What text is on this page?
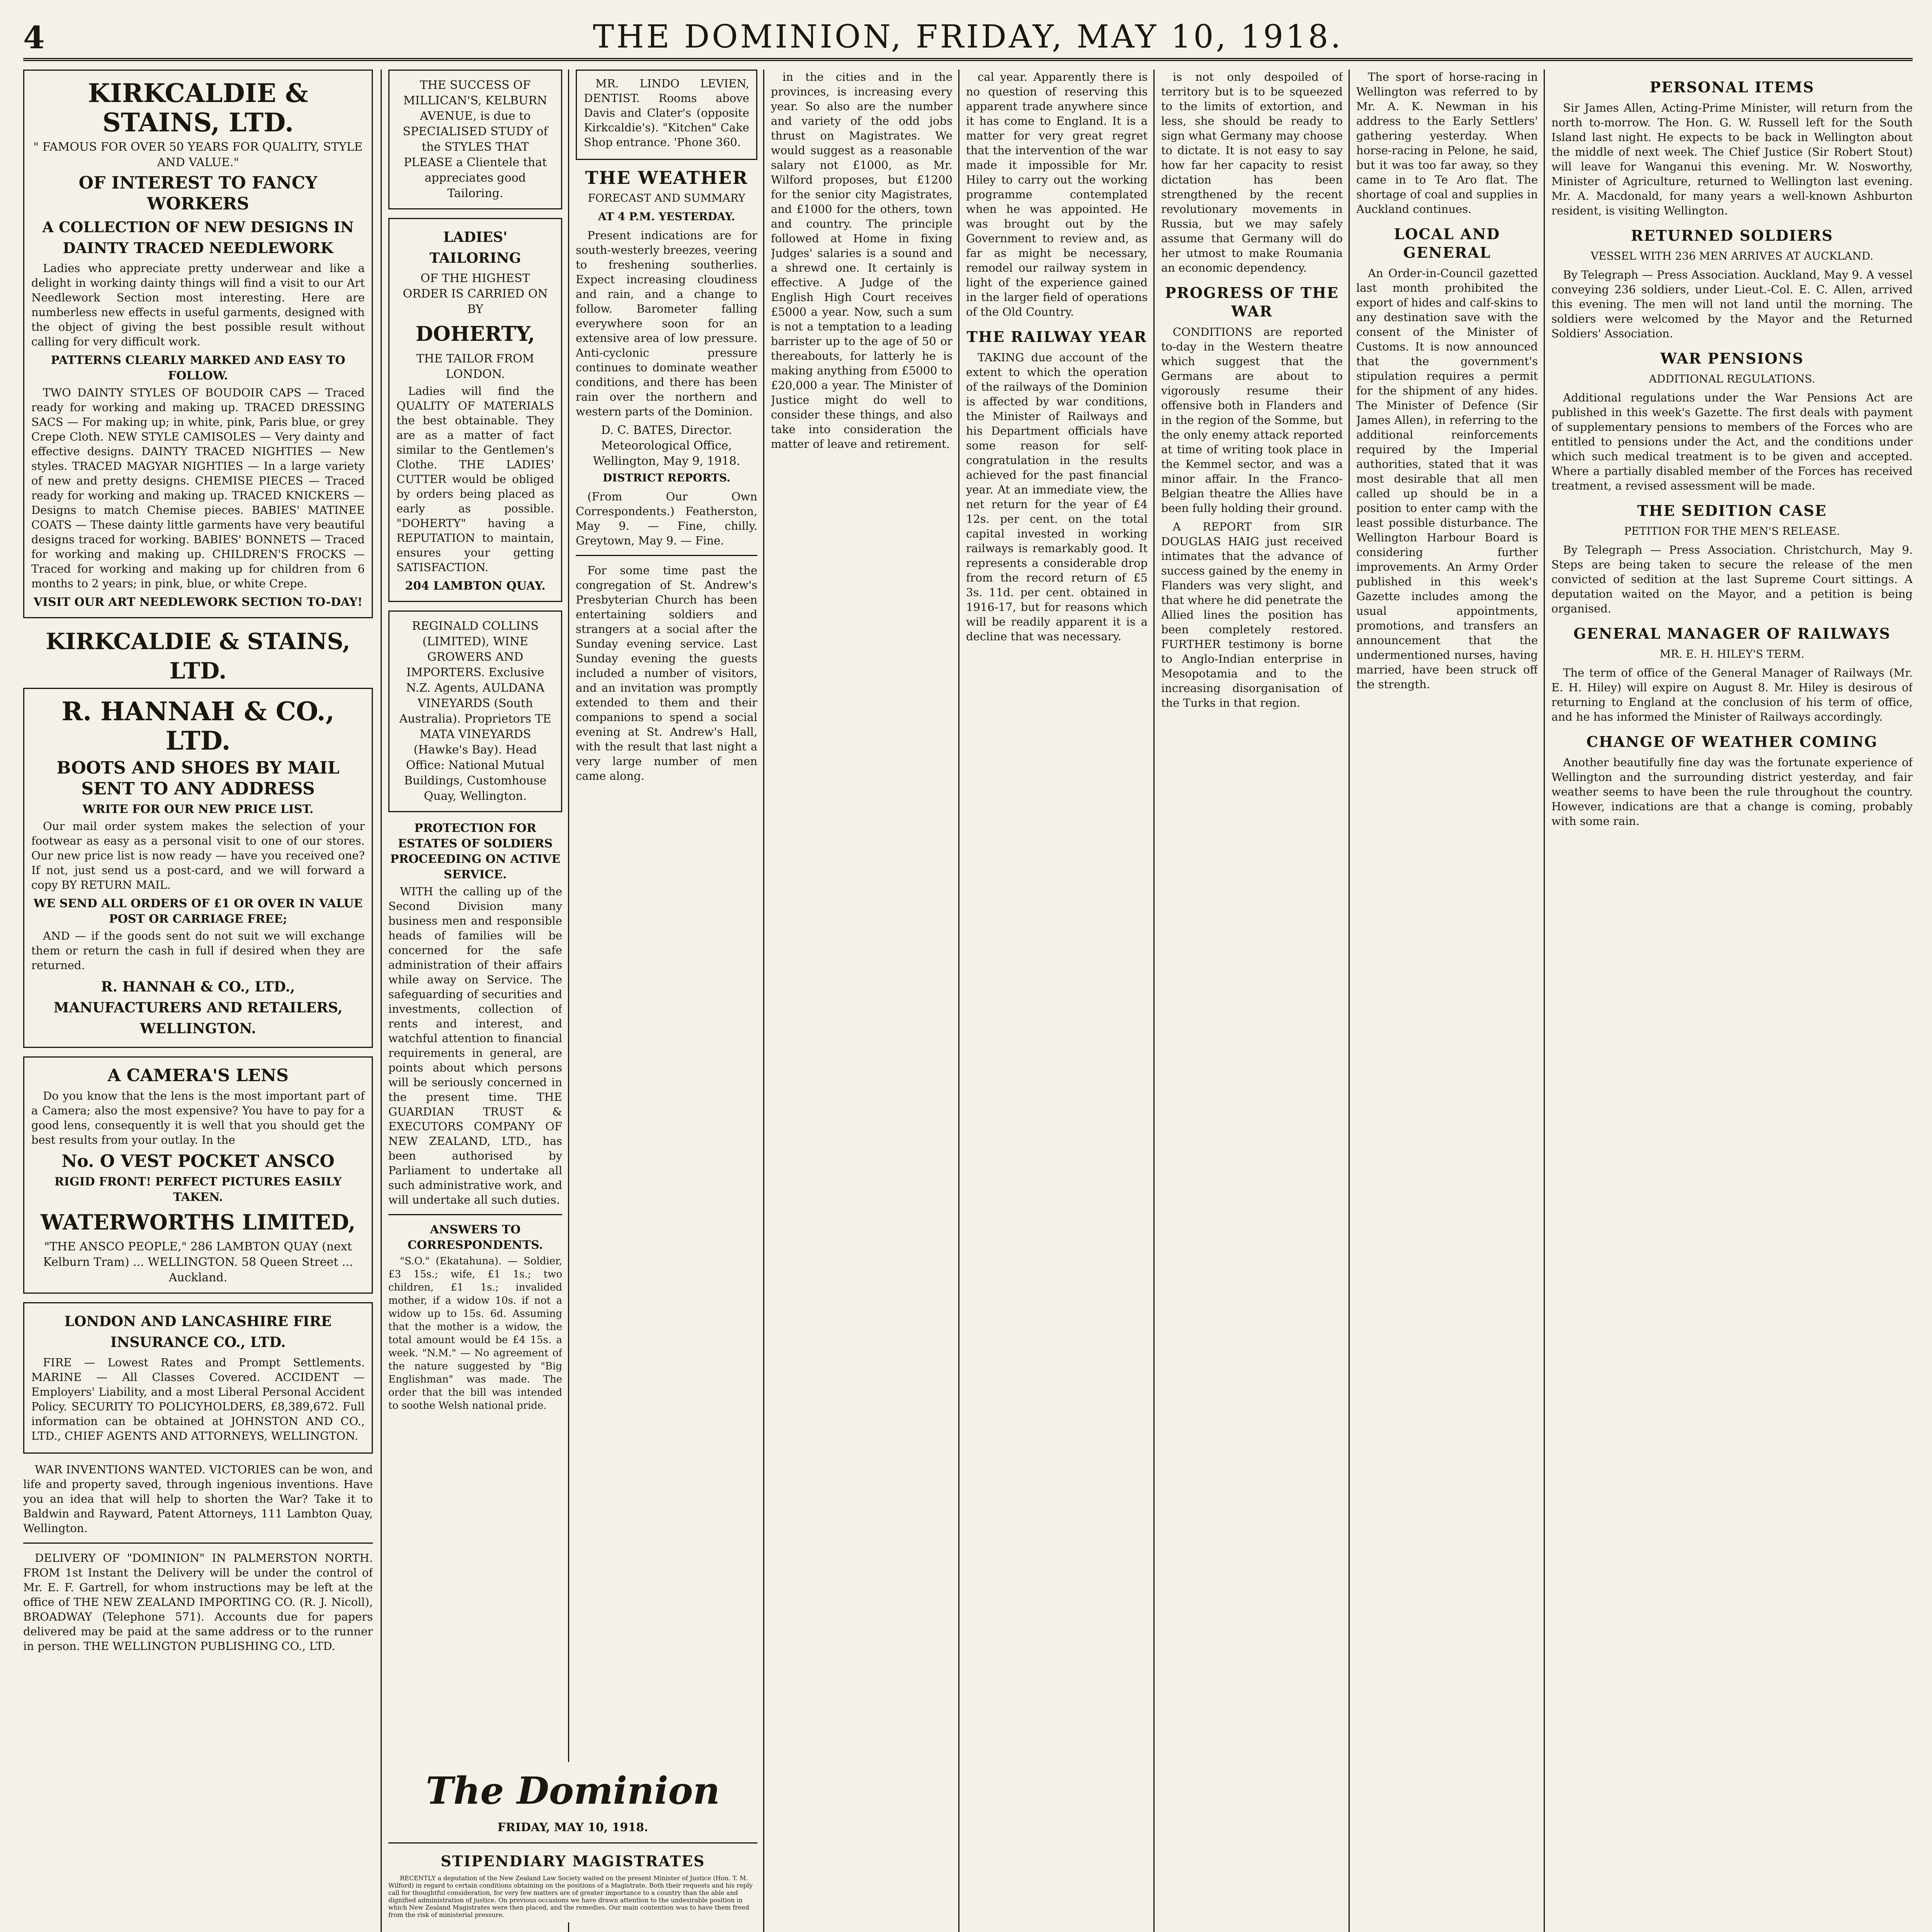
4	THE DOMINION, FRIDAY, MAY 10, 1918.
KIRKCALDIE & STAINS, LTD.
" FAMOUS FOR OVER 50 YEARS FOR QUALITY, STYLE AND VALUE."
OF INTEREST TO FANCY WORKERS
A COLLECTION OF NEW DESIGNS IN DAINTY TRACED NEEDLEWORK
Ladies who appreciate pretty underwear and like a delight in working dainty things will find a visit to our Art Needlework Section most interesting. Here are numberless new effects in useful garments, designed with the object of giving the best possible result without calling for very difficult work.
PATTERNS CLEARLY MARKED AND EASY TO FOLLOW.
TWO DAINTY STYLES OF BOUDOIR CAPS — Traced ready for working and making up. TRACED DRESSING SACS — For making up; in white, pink, Paris blue, or grey Crepe Cloth. NEW STYLE CAMISOLES — Very dainty and effective designs. DAINTY TRACED NIGHTIES — New styles. TRACED MAGYAR NIGHTIES — In a large variety of new and pretty designs. CHEMISE PIECES — Traced ready for working and making up. TRACED KNICKERS — Designs to match Chemise pieces. BABIES' MATINEE COATS — These dainty little garments have very beautiful designs traced for working. BABIES' BONNETS — Traced for working and making up. CHILDREN'S FROCKS — Traced for working and making up for children from 6 months to 2 years; in pink, blue, or white Crepe.
VISIT OUR ART NEEDLEWORK SECTION TO-DAY!
KIRKCALDIE & STAINS, LTD.
R. HANNAH & CO., LTD.
BOOTS AND SHOES BY MAIL SENT TO ANY ADDRESS
WRITE FOR OUR NEW PRICE LIST.
Our mail order system makes the selection of your footwear as easy as a personal visit to one of our stores. Our new price list is now ready — have you received one? If not, just send us a post-card, and we will forward a copy BY RETURN MAIL.
WE SEND ALL ORDERS OF £1 OR OVER IN VALUE POST OR CARRIAGE FREE;
AND — if the goods sent do not suit we will exchange them or return the cash in full if desired when they are returned.
R. HANNAH & CO., LTD., MANUFACTURERS AND RETAILERS, WELLINGTON.
A CAMERA'S LENS
Do you know that the lens is the most important part of a Camera; also the most expensive? You have to pay for a good lens, consequently it is well that you should get the best results from your outlay. In the
No. O VEST POCKET ANSCO
RIGID FRONT! PERFECT PICTURES EASILY TAKEN.
WATERWORTHS LIMITED,
"THE ANSCO PEOPLE," 286 LAMBTON QUAY (next Kelburn Tram) ... WELLINGTON. 58 Queen Street ... Auckland.
LONDON AND LANCASHIRE FIRE INSURANCE CO., LTD.
FIRE — Lowest Rates and Prompt Settlements. MARINE — All Classes Covered. ACCIDENT — Employers' Liability, and a most Liberal Personal Accident Policy. SECURITY TO POLICYHOLDERS, £8,389,672. Full information can be obtained at JOHNSTON AND CO., LTD., CHIEF AGENTS AND ATTORNEYS, WELLINGTON.
WAR INVENTIONS WANTED. VICTORIES can be won, and life and property saved, through ingenious inventions. Have you an idea that will help to shorten the War? Take it to Baldwin and Rayward, Patent Attorneys, 111 Lambton Quay, Wellington.
DELIVERY OF "DOMINION" IN PALMERSTON NORTH. FROM 1st Instant the Delivery will be under the control of Mr. E. F. Gartrell, for whom instructions may be left at the office of THE NEW ZEALAND IMPORTING CO. (R. J. Nicoll), BROADWAY (Telephone 571). Accounts due for papers delivered may be paid at the same address or to the runner in person. THE WELLINGTON PUBLISHING CO., LTD.
THE SUCCESS OF MILLICAN'S, KELBURN AVENUE, is due to SPECIALISED STUDY of the STYLES THAT PLEASE a Clientele that appreciates good Tailoring.
LADIES' TAILORING
OF THE HIGHEST ORDER IS CARRIED ON BY
DOHERTY,
THE TAILOR FROM LONDON.
Ladies will find the QUALITY OF MATERIALS the best obtainable. They are as a matter of fact similar to the Gentlemen's Clothe. THE LADIES' CUTTER would be obliged by orders being placed as early as possible. "DOHERTY" having a REPUTATION to maintain, ensures your getting SATISFACTION.
204 LAMBTON QUAY.
REGINALD COLLINS (LIMITED), WINE GROWERS AND IMPORTERS. Exclusive N.Z. Agents, AULDANA VINEYARDS (South Australia). Proprietors TE MATA VINEYARDS (Hawke's Bay). Head Office: National Mutual Buildings, Customhouse Quay, Wellington.
PROTECTION FOR ESTATES OF SOLDIERS PROCEEDING ON ACTIVE SERVICE.
WITH the calling up of the Second Division many business men and responsible heads of families will be concerned for the safe administration of their affairs while away on Service. The safeguarding of securities and investments, collection of rents and interest, and watchful attention to financial requirements in general, are points about which persons will be seriously concerned in the present time. THE GUARDIAN TRUST & EXECUTORS COMPANY OF NEW ZEALAND, LTD., has been authorised by Parliament to undertake all such administrative work, and will undertake all such duties.
ANSWERS TO CORRESPONDENTS.
"S.O." (Ekatahuna). — Soldier, £3 15s.; wife, £1 1s.; two children, £1 1s.; invalided mother, if a widow 10s. if not a widow up to 15s. 6d. Assuming that the mother is a widow, the total amount would be £4 15s. a week. "N.M." — No agreement of the nature suggested by "Big Englishman" was made. The order that the bill was intended to soothe Welsh national pride.
MR. LINDO LEVIEN, DENTIST. Rooms above Davis and Clater's (opposite Kirkcaldie's). "Kitchen" Cake Shop entrance. 'Phone 360.
THE WEATHER
FORECAST AND SUMMARY
AT 4 P.M. YESTERDAY.
Present indications are for south-westerly breezes, veering to freshening southerlies. Expect increasing cloudiness and rain, and a change to follow. Barometer falling everywhere soon for an extensive area of low pressure. Anti-cyclonic pressure continues to dominate weather conditions, and there has been rain over the northern and western parts of the Dominion.
D. C. BATES, Director. Meteorological Office, Wellington, May 9, 1918.
DISTRICT REPORTS.
(From Our Own Correspondents.) Featherston, May 9. — Fine, chilly. Greytown, May 9. — Fine.
For some time past the congregation of St. Andrew's Presbyterian Church has been entertaining soldiers and strangers at a social after the Sunday evening service. Last Sunday evening the guests included a number of visitors, and an invitation was promptly extended to them and their companions to spend a social evening at St. Andrew's Hall, with the result that last night a very large number of men came along.
The Dominion
FRIDAY, MAY 10, 1918.
STIPENDIARY MAGISTRATES
RECENTLY a deputation of the New Zealand Law Society waited on the present Minister of Justice (Hon. T. M. Wilford) in regard to certain conditions obtaining on the positions of a Magistrate. Both their requests and his reply call for thoughtful consideration, for very few matters are of greater importance to a country than the able and dignified administration of justice. On previous occasions we have drawn attention to the undesirable position in which New Zealand Magistrates were then placed, and the remedies. Our main contention was to have them freed from the risk of ministerial pressure.
in the cities and in the provinces, is increasing every year. So also are the number and variety of the odd jobs thrust on Magistrates. We would suggest as a reasonable salary not £1000, as Mr. Wilford proposes, but £1200 for the senior city Magistrates, and £1000 for the others, town and country. The principle followed at Home in fixing Judges' salaries is a sound and a shrewd one. It certainly is effective. A Judge of the English High Court receives £5000 a year. Now, such a sum is not a temptation to a leading barrister up to the age of 50 or thereabouts, for latterly he is making anything from £5000 to £20,000 a year. The Minister of Justice might do well to consider these things, and also take into consideration the matter of leave and retirement.
cal year. Apparently there is no question of reserving this apparent trade anywhere since it has come to England. It is a matter for very great regret that the intervention of the war made it impossible for Mr. Hiley to carry out the working programme contemplated when he was appointed. He was brought out by the Government to review and, as far as might be necessary, remodel our railway system in light of the experience gained in the larger field of operations of the Old Country.
THE RAILWAY YEAR
TAKING due account of the extent to which the operation of the railways of the Dominion is affected by war conditions, the Minister of Railways and his Department officials have some reason for self-congratulation in the results achieved for the past financial year. At an immediate view, the net return for the year of £4 12s. per cent. on the total capital invested in working railways is remarkably good. It represents a considerable drop from the record return of £5 3s. 11d. per cent. obtained in 1916-17, but for reasons which will be readily apparent it is a decline that was necessary.
is not only despoiled of territory but is to be squeezed to the limits of extortion, and less, she should be ready to sign what Germany may choose to dictate. It is not easy to say how far her capacity to resist dictation has been strengthened by the recent revolutionary movements in Russia, but we may safely assume that Germany will do her utmost to make Roumania an economic dependency.
PROGRESS OF THE WAR
CONDITIONS are reported to-day in the Western theatre which suggest that the Germans are about to vigorously resume their offensive both in Flanders and in the region of the Somme, but the only enemy attack reported at time of writing took place in the Kemmel sector, and was a minor affair. In the Franco-Belgian theatre the Allies have been fully holding their ground.
A REPORT from SIR DOUGLAS HAIG just received intimates that the advance of success gained by the enemy in Flanders was very slight, and that where he did penetrate the Allied lines the position has been completely restored. FURTHER testimony is borne to Anglo-Indian enterprise in Mesopotamia and to the increasing disorganisation of the Turks in that region.
The sport of horse-racing in Wellington was referred to by Mr. A. K. Newman in his address to the Early Settlers' gathering yesterday. When horse-racing in Pelone, he said, but it was too far away, so they came in to Te Aro flat. The shortage of coal and supplies in Auckland continues.
LOCAL AND GENERAL
An Order-in-Council gazetted last month prohibited the export of hides and calf-skins to any destination save with the consent of the Minister of Customs. It is now announced that the government's stipulation requires a permit for the shipment of any hides. The Minister of Defence (Sir James Allen), in referring to the additional reinforcements required by the Imperial authorities, stated that it was most desirable that all men called up should be in a position to enter camp with the least possible disturbance. The Wellington Harbour Board is considering further improvements. An Army Order published in this week's Gazette includes among the usual appointments, promotions, and transfers an announcement that the undermentioned nurses, having married, have been struck off the strength.
PERSONAL ITEMS
Sir James Allen, Acting-Prime Minister, will return from the north to-morrow. The Hon. G. W. Russell left for the South Island last night. He expects to be back in Wellington about the middle of next week. The Chief Justice (Sir Robert Stout) will leave for Wanganui this evening. Mr. W. Nosworthy, Minister of Agriculture, returned to Wellington last evening. Mr. A. Macdonald, for many years a well-known Ashburton resident, is visiting Wellington.
RETURNED SOLDIERS
VESSEL WITH 236 MEN ARRIVES AT AUCKLAND.
By Telegraph — Press Association. Auckland, May 9. A vessel conveying 236 soldiers, under Lieut.-Col. E. C. Allen, arrived this evening. The men will not land until the morning. The soldiers were welcomed by the Mayor and the Returned Soldiers' Association.
WAR PENSIONS
ADDITIONAL REGULATIONS.
Additional regulations under the War Pensions Act are published in this week's Gazette. The first deals with payment of supplementary pensions to members of the Forces who are entitled to pensions under the Act, and the conditions under which such medical treatment is to be given and accepted. Where a partially disabled member of the Forces has received treatment, a revised assessment will be made.
THE SEDITION CASE
PETITION FOR THE MEN'S RELEASE.
By Telegraph — Press Association. Christchurch, May 9. Steps are being taken to secure the release of the men convicted of sedition at the last Supreme Court sittings. A deputation waited on the Mayor, and a petition is being organised.
GENERAL MANAGER OF RAILWAYS
MR. E. H. HILEY'S TERM.
The term of office of the General Manager of Railways (Mr. E. H. Hiley) will expire on August 8. Mr. Hiley is desirous of returning to England at the conclusion of his term of office, and he has informed the Minister of Railways accordingly.
CHANGE OF WEATHER COMING
Another beautifully fine day was the fortunate experience of Wellington and the surrounding district yesterday, and fair weather seems to have been the rule throughout the country. However, indications are that a change is coming, probably with some rain.
